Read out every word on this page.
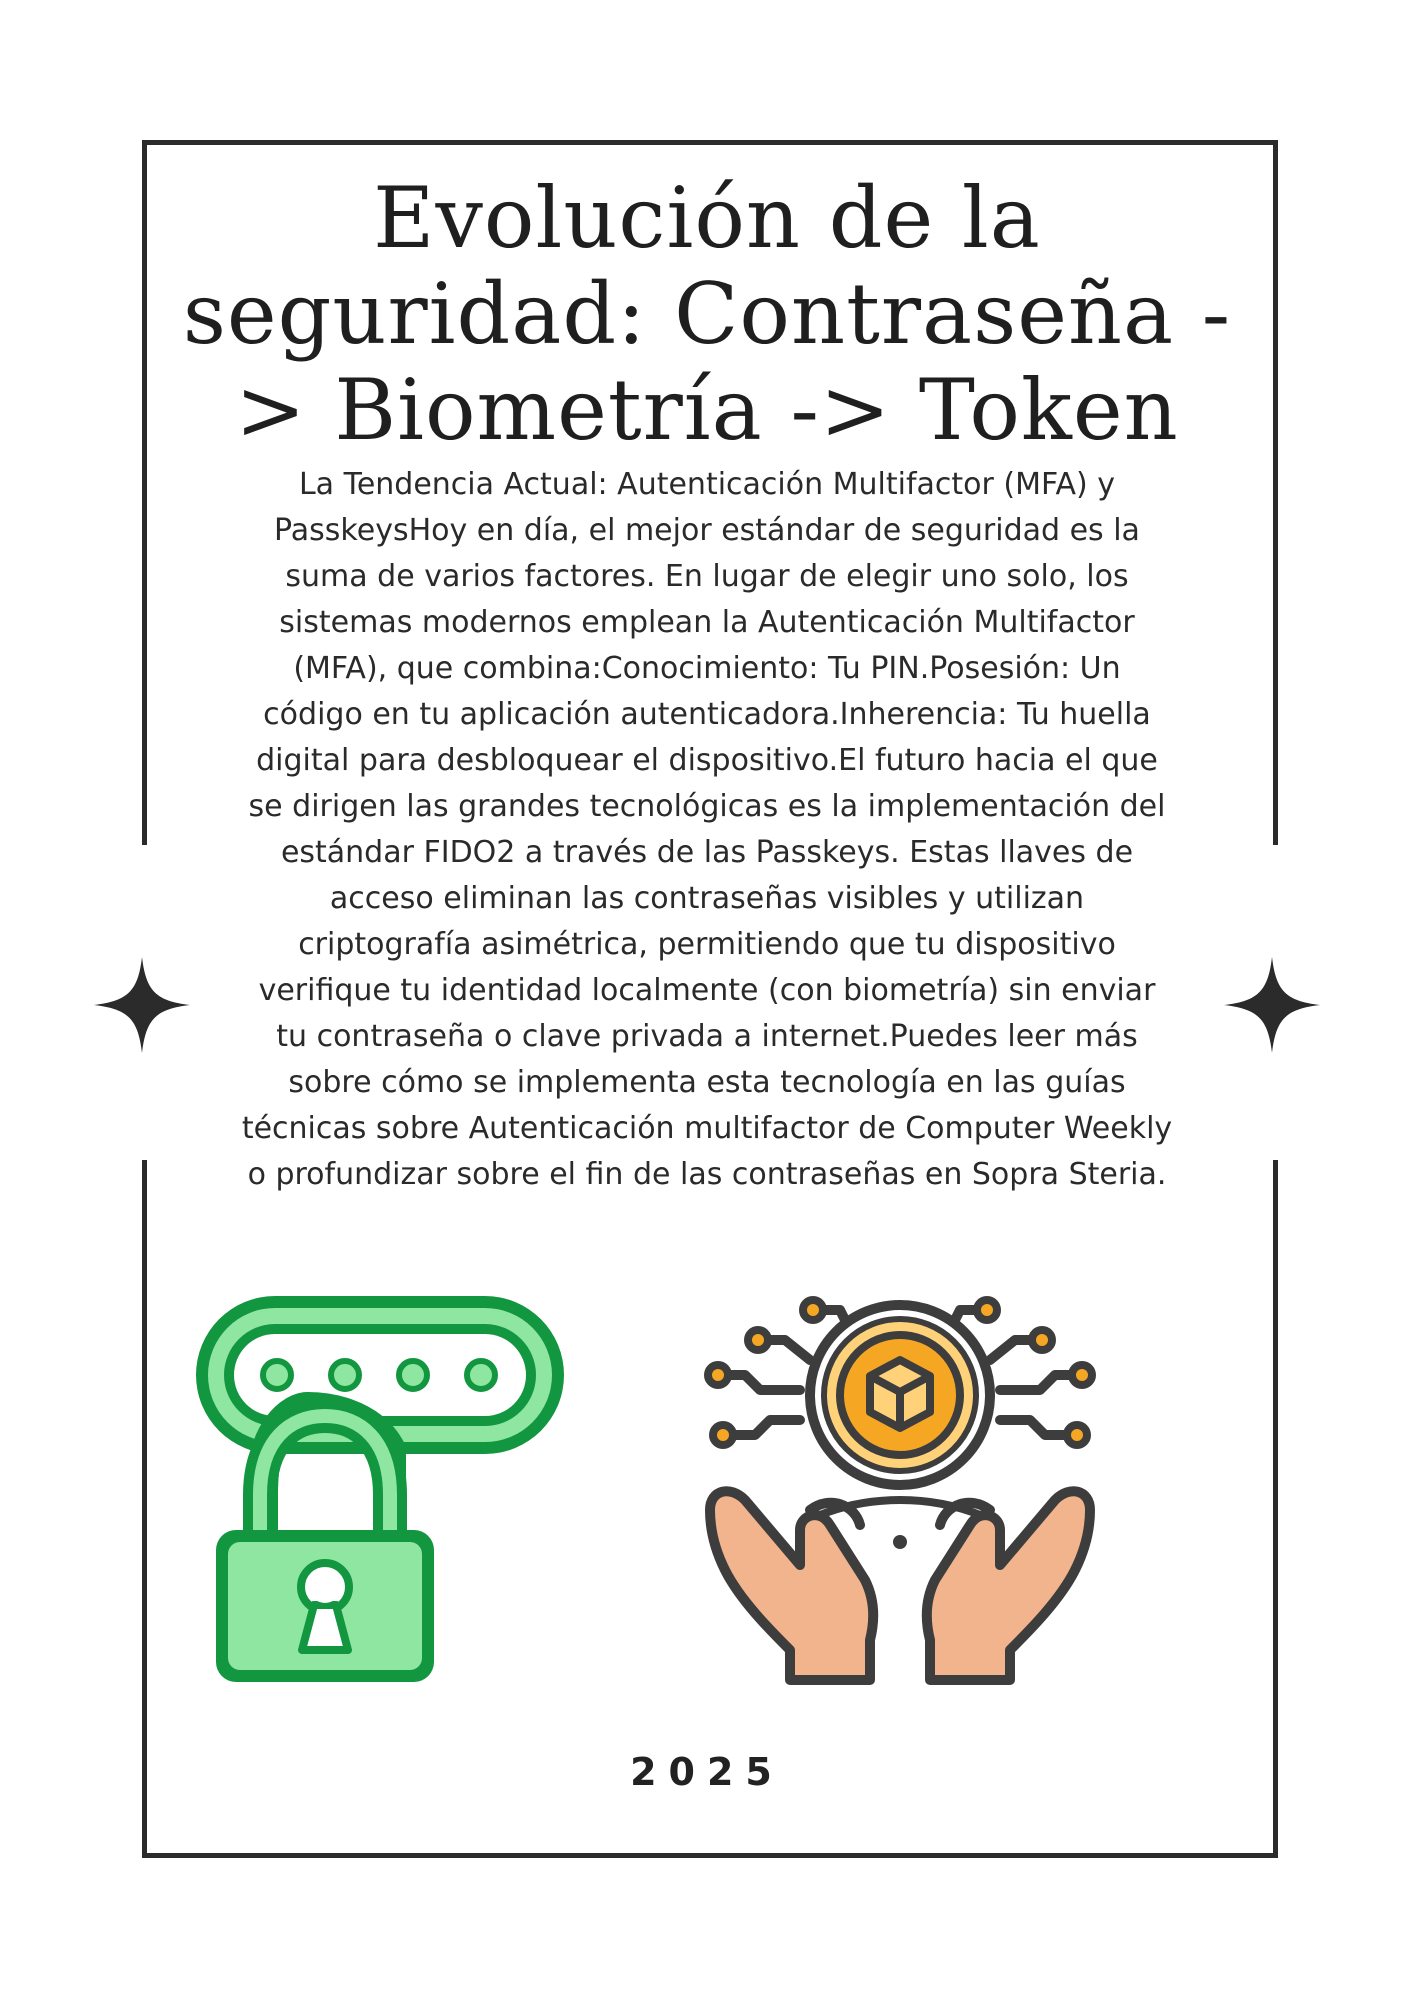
Evolución de la seguridad: Contraseña -> Biometría -> Token

La Tendencia Actual: Autenticación Multifactor (MFA) y PasskeysHoy en día, el mejor estándar de seguridad es la suma de varios factores. En lugar de elegir uno solo, los sistemas modernos emplean la Autenticación Multifactor (MFA), que combina:Conocimiento: Tu PIN.Posesión: Un código en tu aplicación autenticadora.Inherencia: Tu huella digital para desbloquear el dispositivo.El futuro hacia el que se dirigen las grandes tecnológicas es la implementación del estándar FIDO2 a través de las Passkeys. Estas llaves de acceso eliminan las contraseñas visibles y utilizan criptografía asimétrica, permitiendo que tu dispositivo verifique tu identidad localmente (con biometría) sin enviar tu contraseña o clave privada a internet.Puedes leer más sobre cómo se implementa esta tecnología en las guías técnicas sobre Autenticación multifactor de Computer Weekly o profundizar sobre el fin de las contraseñas en Sopra Steria.

2025
